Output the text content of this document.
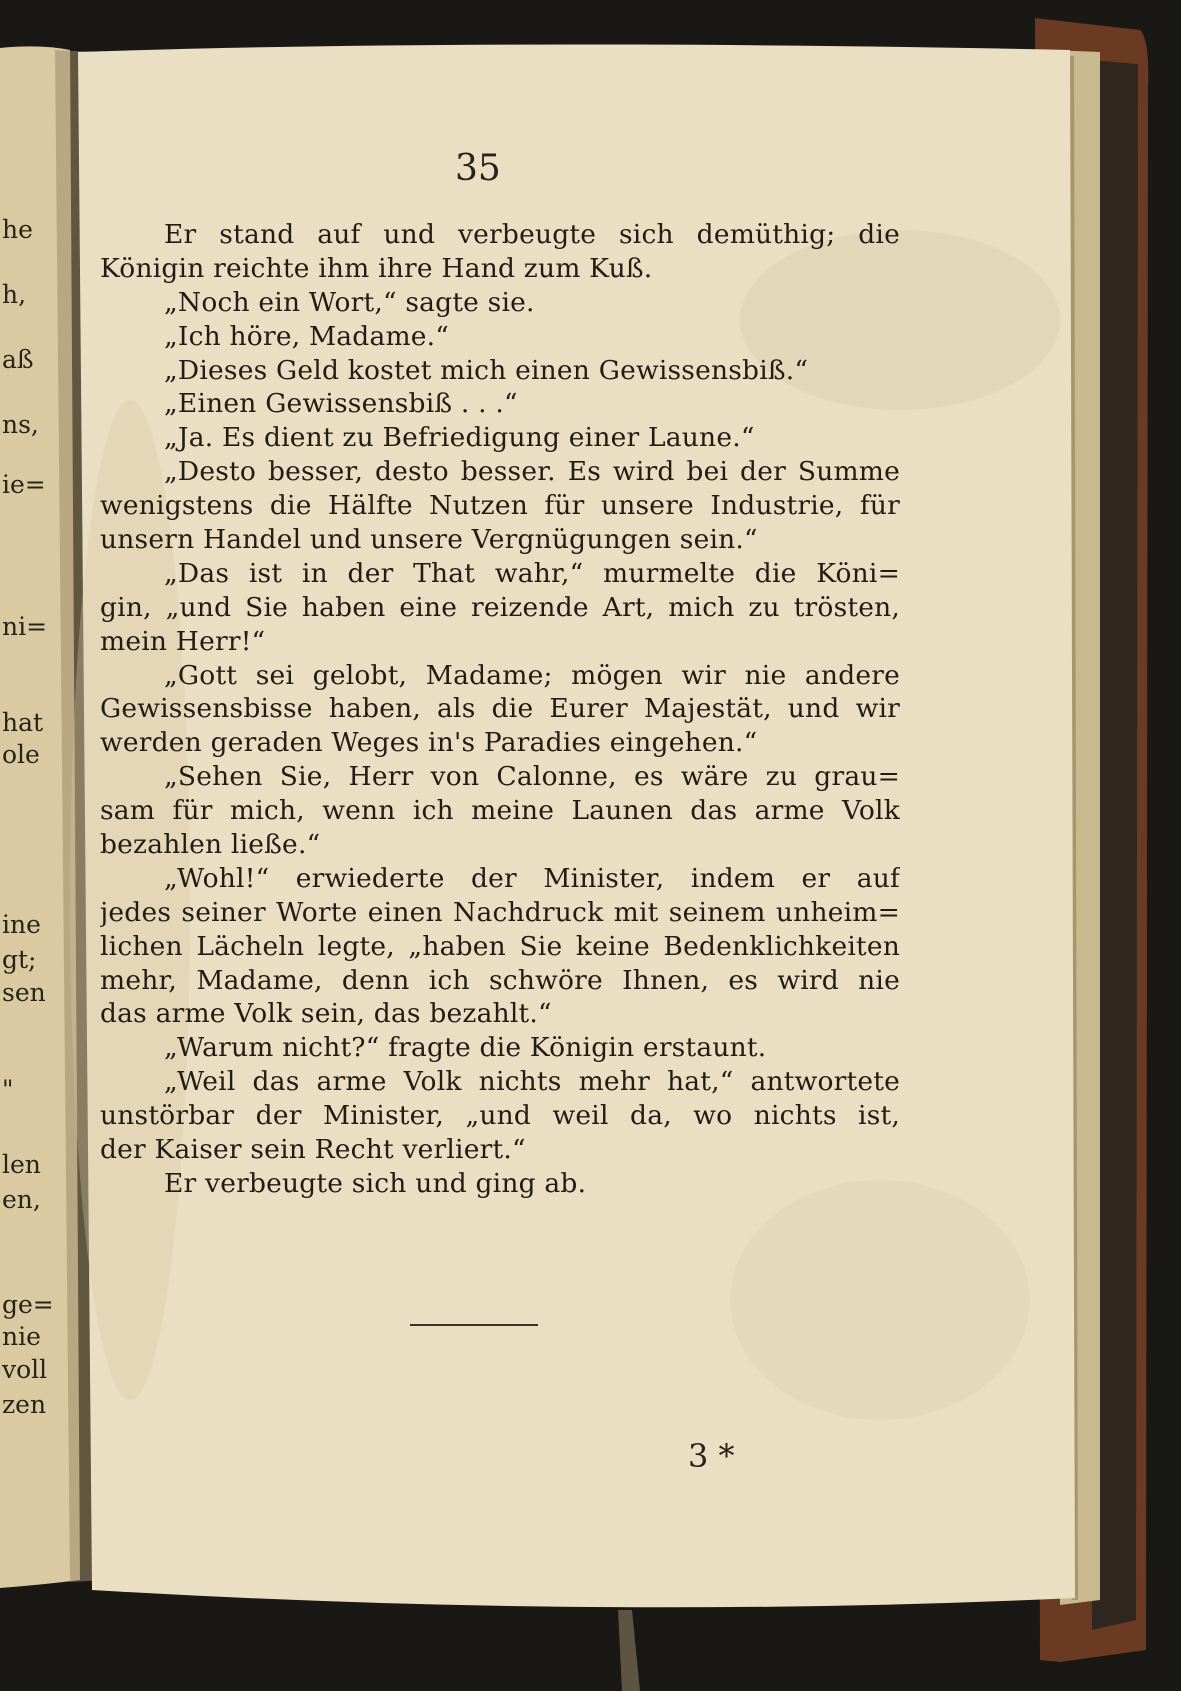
he
h,
aß
ns,
ie=
ni=
hat
ole
ine
gt;
sen
"
len
en,
ge=
nie
voll
zen
35
Er stand auf und verbeugte sich demüthig; die
Königin reichte ihm ihre Hand zum Kuß.
„Noch ein Wort,“ sagte sie.
„Ich höre, Madame.“
„Dieses Geld kostet mich einen Gewissensbiß.“
„Einen Gewissensbiß . . .“
„Ja. Es dient zu Befriedigung einer Laune.“
„Desto besser, desto besser. Es wird bei der Summe
wenigstens die Hälfte Nutzen für unsere Industrie, für
unsern Handel und unsere Vergnügungen sein.“
„Das ist in der That wahr,“ murmelte die Köni=
gin, „und Sie haben eine reizende Art, mich zu trösten,
mein Herr!“
„Gott sei gelobt, Madame; mögen wir nie andere
Gewissensbisse haben, als die Eurer Majestät, und wir
werden geraden Weges in's Paradies eingehen.“
„Sehen Sie, Herr von Calonne, es wäre zu grau=
sam für mich, wenn ich meine Launen das arme Volk
bezahlen ließe.“
„Wohl!“ erwiederte der Minister, indem er auf
jedes seiner Worte einen Nachdruck mit seinem unheim=
lichen Lächeln legte, „haben Sie keine Bedenklichkeiten
mehr, Madame, denn ich schwöre Ihnen, es wird nie
das arme Volk sein, das bezahlt.“
„Warum nicht?“ fragte die Königin erstaunt.
„Weil das arme Volk nichts mehr hat,“ antwortete
unstörbar der Minister, „und weil da, wo nichts ist,
der Kaiser sein Recht verliert.“
Er verbeugte sich und ging ab.
3 *
